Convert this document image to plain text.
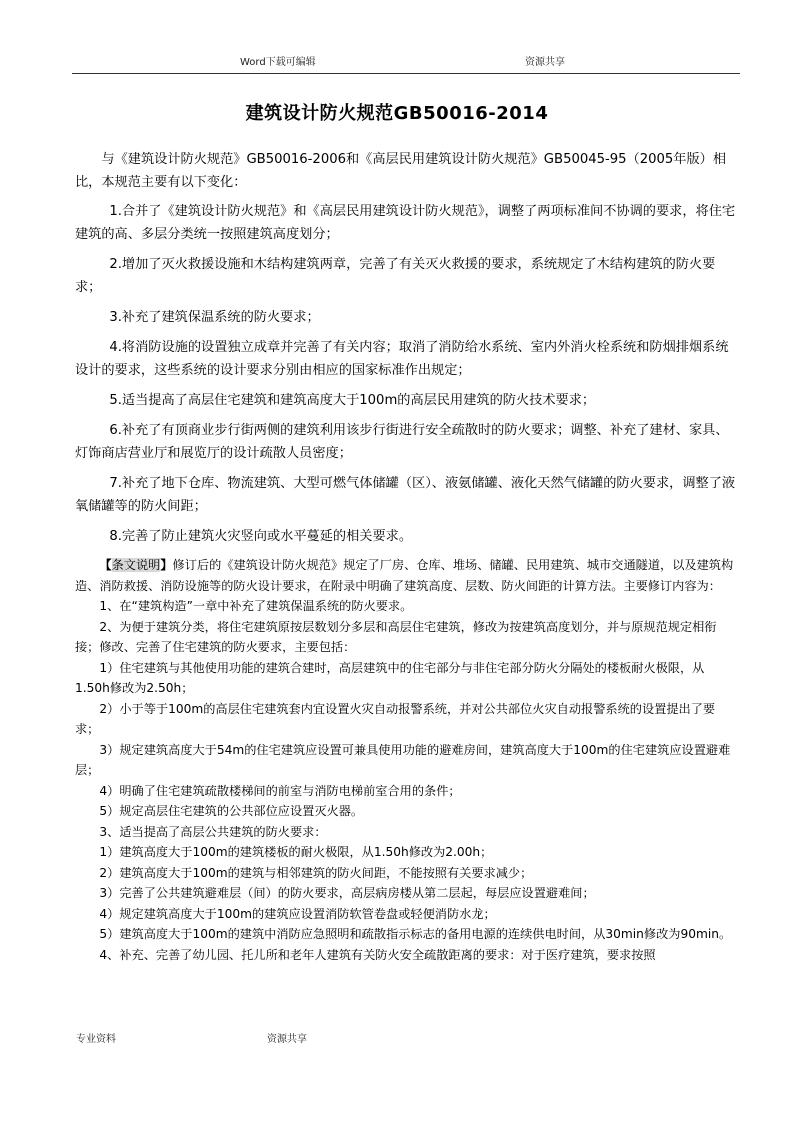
Word下载可编辑	资源共享
建筑设计防火规范GB50016-2014

与《建筑设计防火规范》GB50016-2006和《高层民用建筑设计防火规范》GB50045-95（2005年版）相比，本规范主要有以下变化：

1.合并了《建筑设计防火规范》和《高层民用建筑设计防火规范》，调整了两项标准间不协调的要求，将住宅建筑的高、多层分类统一按照建筑高度划分；

2.增加了灭火救援设施和木结构建筑两章，完善了有关灭火救援的要求，系统规定了木结构建筑的防火要求；

3.补充了建筑保温系统的防火要求；

4.将消防设施的设置独立成章并完善了有关内容；取消了消防给水系统、室内外消火栓系统和防烟排烟系统设计的要求，这些系统的设计要求分别由相应的国家标准作出规定；

5.适当提高了高层住宅建筑和建筑高度大于100m的高层民用建筑的防火技术要求；

6.补充了有顶商业步行街两侧的建筑利用该步行街进行安全疏散时的防火要求；调整、补充了建材、家具、灯饰商店营业厅和展览厅的设计疏散人员密度；

7.补充了地下仓库、物流建筑、大型可燃气体储罐（区）、液氨储罐、液化天然气储罐的防火要求，调整了液氧储罐等的防火间距；

8.完善了防止建筑火灾竖向或水平蔓延的相关要求。

【条文说明】修订后的《建筑设计防火规范》规定了厂房、仓库、堆场、储罐、民用建筑、城市交通隧道，以及建筑构造、消防救援、消防设施等的防火设计要求，在附录中明确了建筑高度、层数、防火间距的计算方法。主要修订内容为：

1、在“建筑构造”一章中补充了建筑保温系统的防火要求。

2、为便于建筑分类，将住宅建筑原按层数划分多层和高层住宅建筑，修改为按建筑高度划分，并与原规范规定相衔接；修改、完善了住宅建筑的防火要求，主要包括：

1）住宅建筑与其他使用功能的建筑合建时，高层建筑中的住宅部分与非住宅部分防火分隔处的楼板耐火极限，从1.50h修改为2.50h；

2）小于等于100m的高层住宅建筑套内宜设置火灾自动报警系统，并对公共部位火灾自动报警系统的设置提出了要求；

3）规定建筑高度大于54m的住宅建筑应设置可兼具使用功能的避难房间，建筑高度大于100m的住宅建筑应设置避难层；

4）明确了住宅建筑疏散楼梯间的前室与消防电梯前室合用的条件；

5）规定高层住宅建筑的公共部位应设置灭火器。

3、适当提高了高层公共建筑的防火要求：

1）建筑高度大于100m的建筑楼板的耐火极限，从1.50h修改为2.00h；

2）建筑高度大于100m的建筑与相邻建筑的防火间距，不能按照有关要求减少；

3）完善了公共建筑避难层（间）的防火要求，高层病房楼从第二层起，每层应设置避难间；

4）规定建筑高度大于100m的建筑应设置消防软管卷盘或轻便消防水龙；

5）建筑高度大于100m的建筑中消防应急照明和疏散指示标志的备用电源的连续供电时间，从30min修改为90min。

4、补充、完善了幼儿园、托儿所和老年人建筑有关防火安全疏散距离的要求：对于医疗建筑，要求按照

专业资料	资源共享
